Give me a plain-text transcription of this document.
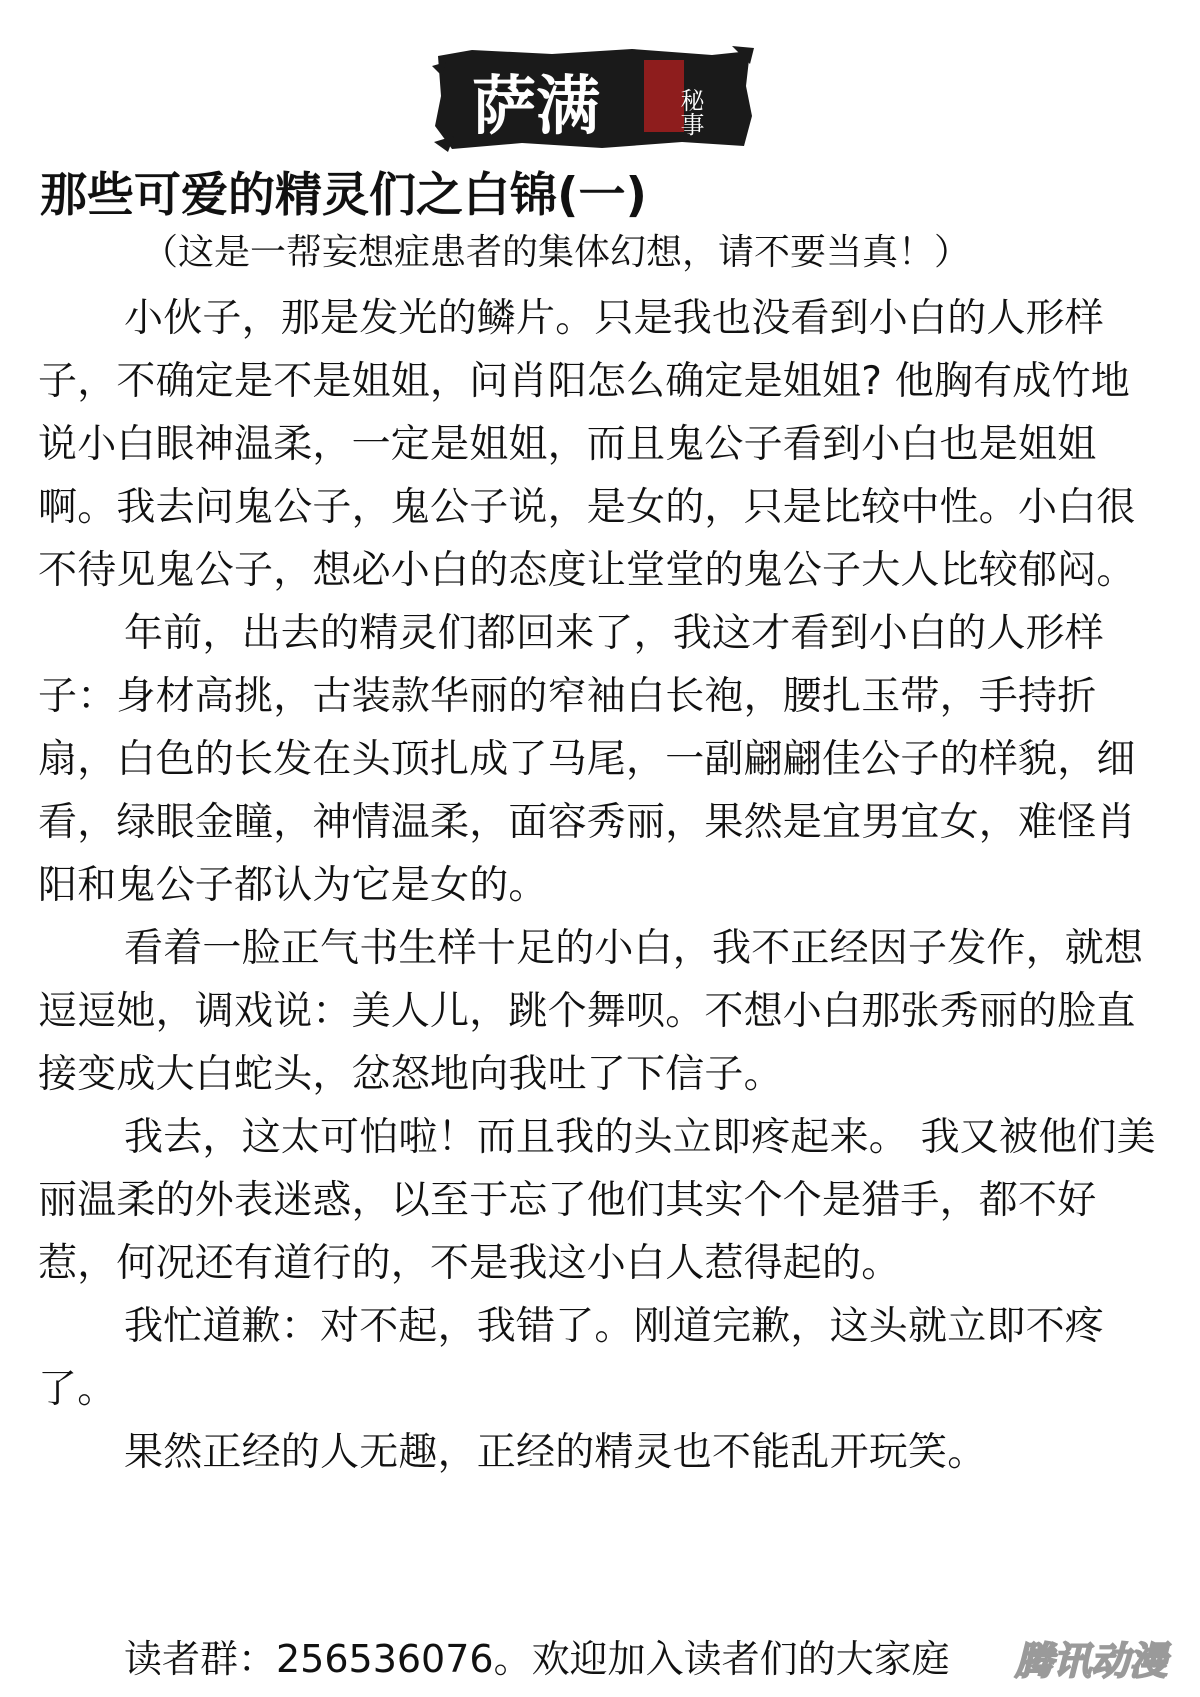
萨满	秘事
那些可爱的精灵们之白锦(一)
（这是一帮妄想症患者的集体幻想，请不要当真！）

小伙子，那是发光的鳞片。只是我也没看到小白的人形样子，不确定是不是姐姐，问肖阳怎么确定是姐姐? 他胸有成竹地说小白眼神温柔，一定是姐姐，而且鬼公子看到小白也是姐姐啊。我去问鬼公子，鬼公子说，是女的，只是比较中性。小白很不待见鬼公子，想必小白的态度让堂堂的鬼公子大人比较郁闷。

年前，出去的精灵们都回来了，我这才看到小白的人形样子：身材高挑，古装款华丽的窄袖白长袍，腰扎玉带，手持折扇，白色的长发在头顶扎成了马尾，一副翩翩佳公子的样貌，细看，绿眼金瞳，神情温柔，面容秀丽，果然是宜男宜女，难怪肖阳和鬼公子都认为它是女的。

看着一脸正气书生样十足的小白，我不正经因子发作，就想逗逗她，调戏说：美人儿，跳个舞呗。不想小白那张秀丽的脸直接变成大白蛇头，忿怒地向我吐了下信子。

我去，这太可怕啦！而且我的头立即疼起来。 我又被他们美丽温柔的外表迷惑，以至于忘了他们其实个个是猎手，都不好惹，何况还有道行的，不是我这小白人惹得起的。

我忙道歉：对不起，我错了。刚道完歉，这头就立即不疼了。

果然正经的人无趣，正经的精灵也不能乱开玩笑。

读者群：256536076。欢迎加入读者们的大家庭 腾讯动漫
